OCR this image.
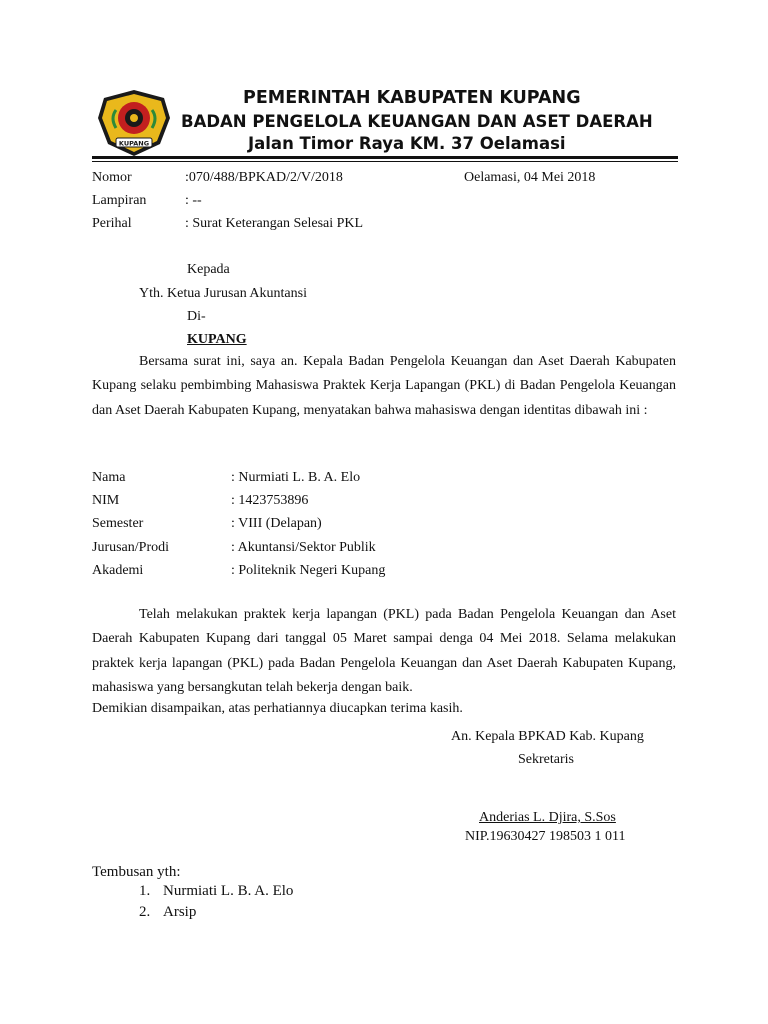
KUPANG
PEMERINTAH KABUPATEN KUPANG
BADAN PENGELOLA KEUANGAN DAN ASET DAERAH
Jalan Timor Raya KM. 37 Oelamasi
Nomor	:070/488/BPKAD/2/V/2018	Oelamasi, 04 Mei 2018
Lampiran	: --
Perihal	: Surat Keterangan Selesai PKL
Kepada
Yth. Ketua Jurusan Akuntansi
Di-
KUPANG
Bersama surat ini, saya an. Kepala Badan Pengelola Keuangan dan Aset Daerah Kabupaten Kupang selaku pembimbing Mahasiswa Praktek Kerja Lapangan (PKL) di Badan Pengelola Keuangan dan Aset Daerah Kabupaten Kupang, menyatakan bahwa mahasiswa dengan identitas dibawah ini :
Nama	: Nurmiati L. B. A. Elo
NIM	: 1423753896
Semester	: VIII (Delapan)
Jurusan/Prodi	: Akuntansi/Sektor Publik
Akademi	: Politeknik Negeri Kupang
Telah melakukan praktek kerja lapangan (PKL) pada Badan Pengelola Keuangan dan Aset Daerah Kabupaten Kupang dari tanggal 05 Maret sampai denga 04 Mei 2018. Selama melakukan praktek kerja lapangan (PKL) pada Badan Pengelola Keuangan dan Aset Daerah Kabupaten Kupang, mahasiswa yang bersangkutan telah bekerja dengan baik.
Demikian disampaikan, atas perhatiannya diucapkan terima kasih.
An. Kepala BPKAD Kab. Kupang
Sekretaris
Anderias L. Djira, S.Sos
NIP.19630427 198503 1 011
Tembusan yth:
1. Nurmiati L. B. A. Elo
2. Arsip
